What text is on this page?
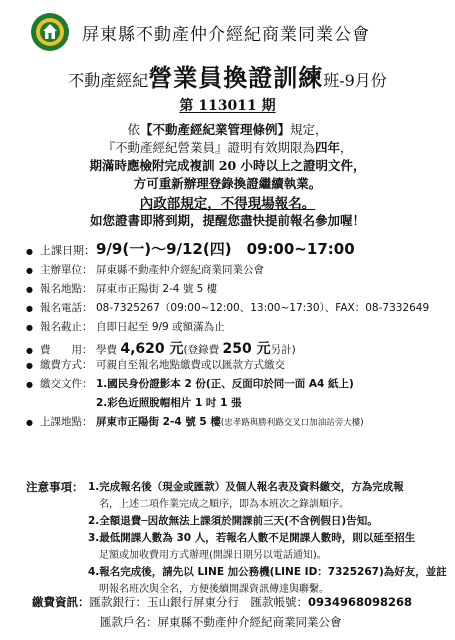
屏東縣不動產仲介經紀商業同業公會
不動產經紀營業員換證訓練班-9月份
第 113011 期
依【不動產經紀業管理條例】規定，
『不動產經紀營業員』證明有效期限為四年，
期滿時應檢附完成複訓 20 小時以上之證明文件，
方可重新辦理登錄換證繼續執業。
內政部規定，不得現場報名。
如您證書即將到期，提醒您盡快提前報名參加喔！
● 上課日期： 9/9(一)～9/12(四)　09:00~17:00
● 主辦單位： 屏東縣不動產仲介經紀商業同業公會
● 報名地點： 屏東市正陽街 2-4 號 5 樓
● 報名電話： 08-7325267（09:00~12:00、13:00~17:30）、FAX：08-7332649
● 報名截止： 自即日起至 9/9 或額滿為止
● 費　　用： 學費 4,620 元(登錄費 250 元另計)
● 繳費方式： 可親自至報名地點繳費或以匯款方式繳交
● 繳交文件： 1.國民身份證影本 2 份(正、反面印於同一面 A4 紙上)
2.彩色近照脫帽相片 1 吋 1 張
● 上課地點： 屏東市正陽街 2-4 號 5 樓(忠孝路與勝利路交叉口加油站旁大樓)
注意事項： 1.完成報名後（現金或匯款）及個人報名表及資料繳交，方為完成報
名，上述二項作業完成之順序，即為本班次之錄訓順序。
2.全額退費─因故無法上課須於開課前三天(不含例假日)告知。
3.最低開課人數為 30 人，若報名人數不足開課人數時，則以延至招生
足額或加收費用方式辦理(開課日期另以電話通知)。
4.報名完成後，請先以 LINE 加公務機(LINE ID：7325267)為好友，並註
明報名班次與全名，方便後續開課資訊傳達與聯繫。
繳費資訊：匯款銀行：玉山銀行屏東分行　 匯款帳號：0934968098268
匯款戶名：屏東縣不動產仲介經紀商業同業公會
